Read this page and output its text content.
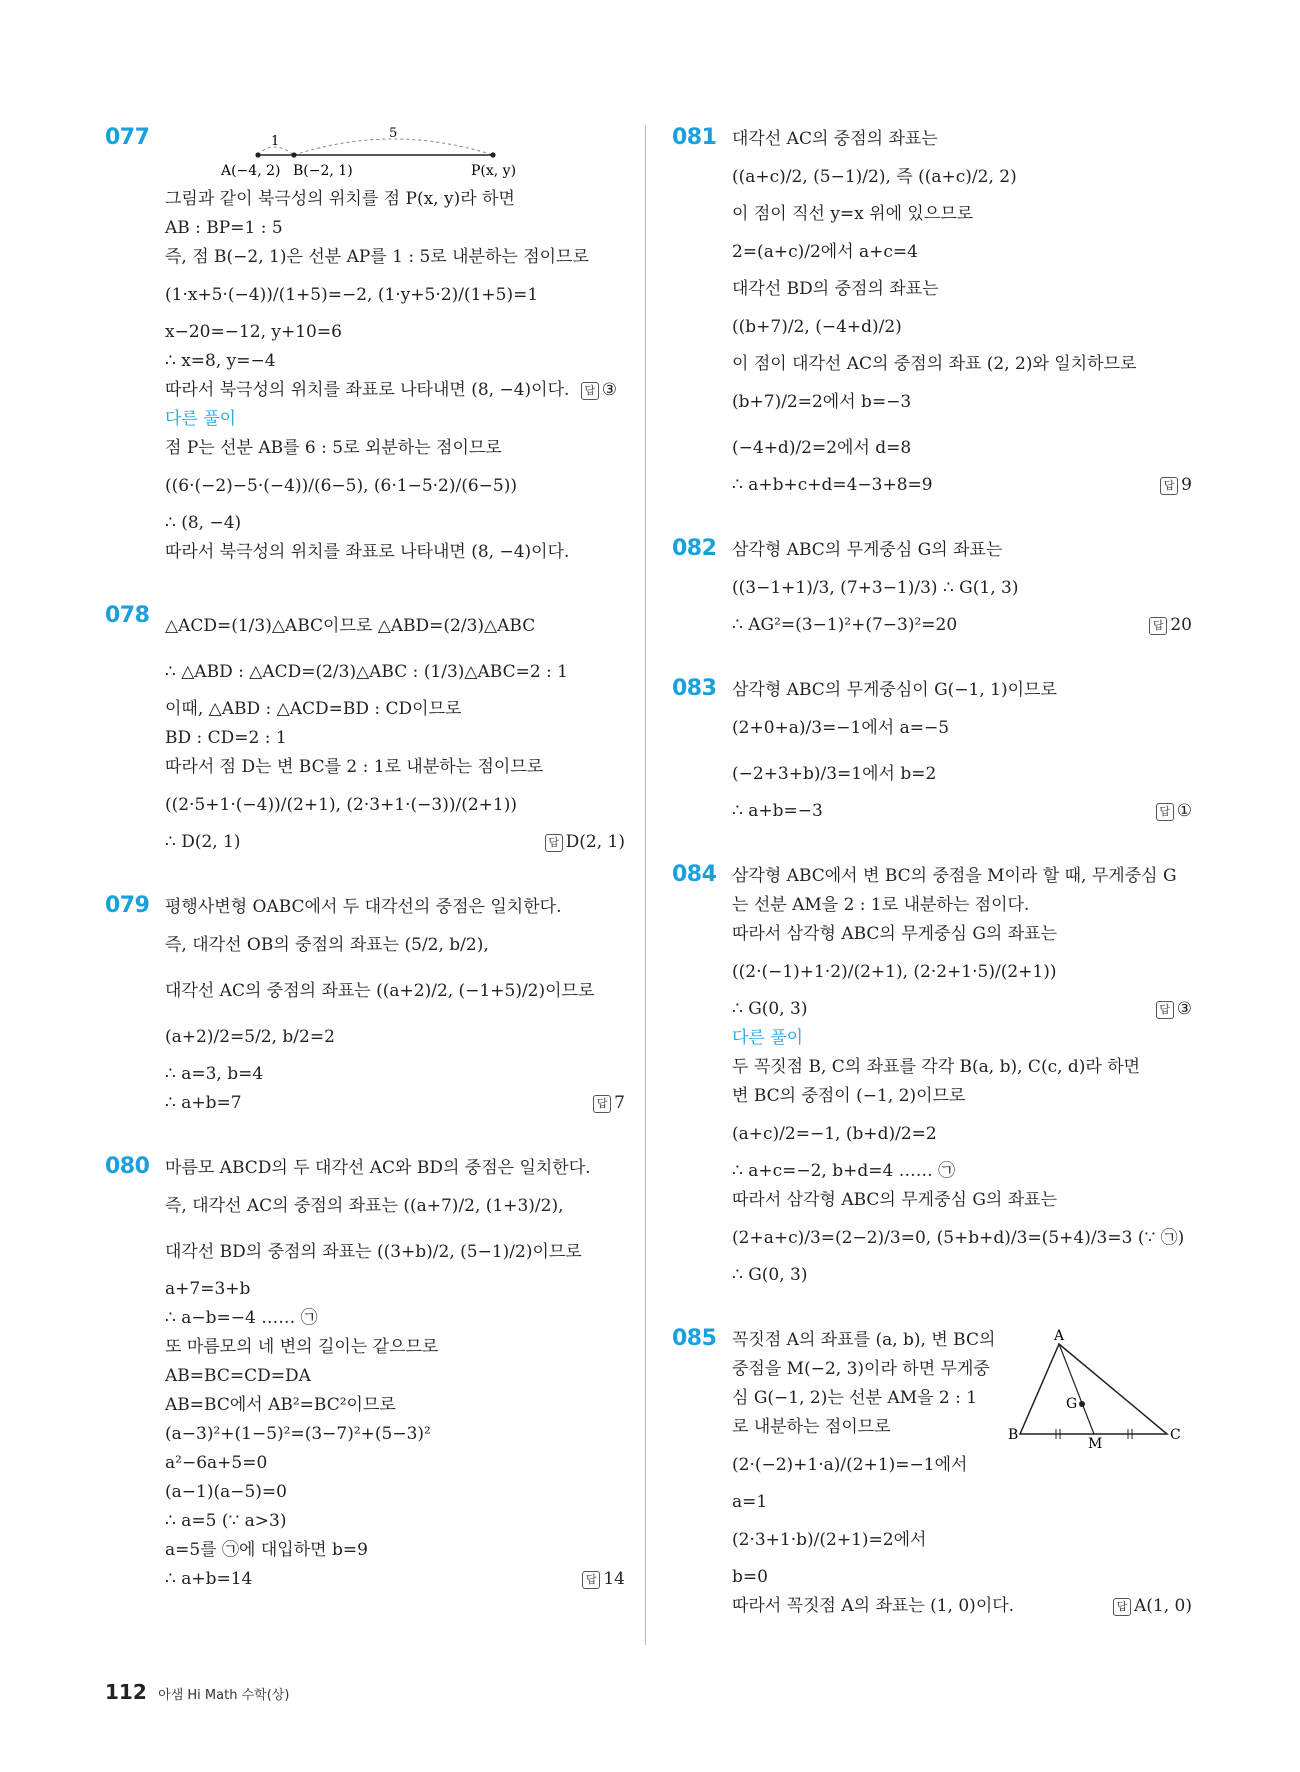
077	1
5
A(−4, 2) B(−2, 1)	P(x, y)
그림과 같이 북극성의 위치를 점 P(x, y)라 하면
AB : BP=1 : 5
즉, 점 B(−2, 1)은 선분 AP를 1 : 5로 내분하는 점이므로
(1·x+5·(−4))/(1+5)=−2, (1·y+5·2)/(1+5)=1
x−20=−12, y+10=6
∴ x=8, y=−4
따라서 북극성의 위치를 좌표로 나타내면 (8, −4)이다. 답 ③
다른 풀이
점 P는 선분 AB를 6 : 5로 외분하는 점이므로
((6·(−2)−5·(−4))/(6−5), (6·1−5·2)/(6−5))
∴ (8, −4)
따라서 북극성의 위치를 좌표로 나타내면 (8, −4)이다.
078 △ACD=(1/3)△ABC이므로 △ABD=(2/3)△ABC
∴ △ABD : △ACD=(2/3)△ABC : (1/3)△ABC=2 : 1
이때, △ABD : △ACD=BD : CD이므로
BD : CD=2 : 1
따라서 점 D는 변 BC를 2 : 1로 내분하는 점이므로
((2·5+1·(−4))/(2+1), (2·3+1·(−3))/(2+1))
∴ D(2, 1)	답 D(2, 1)
079 평행사변형 OABC에서 두 대각선의 중점은 일치한다.
즉, 대각선 OB의 중점의 좌표는 (5/2, b/2),
대각선 AC의 중점의 좌표는 ((a+2)/2, (−1+5)/2)이므로
(a+2)/2=5/2, b/2=2
∴ a=3, b=4
∴ a+b=7	답 7
080 마름모 ABCD의 두 대각선 AC와 BD의 중점은 일치한다.
즉, 대각선 AC의 중점의 좌표는 ((a+7)/2, (1+3)/2),
대각선 BD의 중점의 좌표는 ((3+b)/2, (5−1)/2)이므로
a+7=3+b
∴ a−b=−4 …… ㉠
또 마름모의 네 변의 길이는 같으므로
AB=BC=CD=DA
AB=BC에서 AB²=BC²이므로
(a−3)²+(1−5)²=(3−7)²+(5−3)²
a²−6a+5=0
(a−1)(a−5)=0
∴ a=5 (∵ a>3)
a=5를 ㉠에 대입하면 b=9
∴ a+b=14	답 14
081 대각선 AC의 중점의 좌표는
((a+c)/2, (5−1)/2), 즉 ((a+c)/2, 2)
이 점이 직선 y=x 위에 있으므로
2=(a+c)/2에서 a+c=4
대각선 BD의 중점의 좌표는
((b+7)/2, (−4+d)/2)
이 점이 대각선 AC의 중점의 좌표 (2, 2)와 일치하므로
(b+7)/2=2에서 b=−3
(−4+d)/2=2에서 d=8
∴ a+b+c+d=4−3+8=9	답 9
082 삼각형 ABC의 무게중심 G의 좌표는
((3−1+1)/3, (7+3−1)/3) ∴ G(1, 3)
∴ AG²=(3−1)²+(7−3)²=20	답 20
083 삼각형 ABC의 무게중심이 G(−1, 1)이므로
(2+0+a)/3=−1에서 a=−5
(−2+3+b)/3=1에서 b=2
∴ a+b=−3	답 ①
084 삼각형 ABC에서 변 BC의 중점을 M이라 할 때, 무게중심 G
는 선분 AM을 2 : 1로 내분하는 점이다.
따라서 삼각형 ABC의 무게중심 G의 좌표는
((2·(−1)+1·2)/(2+1), (2·2+1·5)/(2+1))
∴ G(0, 3)	답 ③
다른 풀이
두 꼭짓점 B, C의 좌표를 각각 B(a, b), C(c, d)라 하면
변 BC의 중점이 (−1, 2)이므로
(a+c)/2=−1, (b+d)/2=2
∴ a+c=−2, b+d=4 …… ㉠
따라서 삼각형 ABC의 무게중심 G의 좌표는
(2+a+c)/3=(2−2)/3=0, (5+b+d)/3=(5+4)/3=3 (∵ ㉠)
∴ G(0, 3)
085	A
B	C
G
M
꼭짓점 A의 좌표를 (a, b), 변 BC의
중점을 M(−2, 3)이라 하면 무게중
심 G(−1, 2)는 선분 AM을 2 : 1
로 내분하는 점이므로
(2·(−2)+1·a)/(2+1)=−1에서
a=1
(2·3+1·b)/(2+1)=2에서
b=0
따라서 꼭짓점 A의 좌표는 (1, 0)이다.	답 A(1, 0)
112 아샘 Hi Math 수학(상)
